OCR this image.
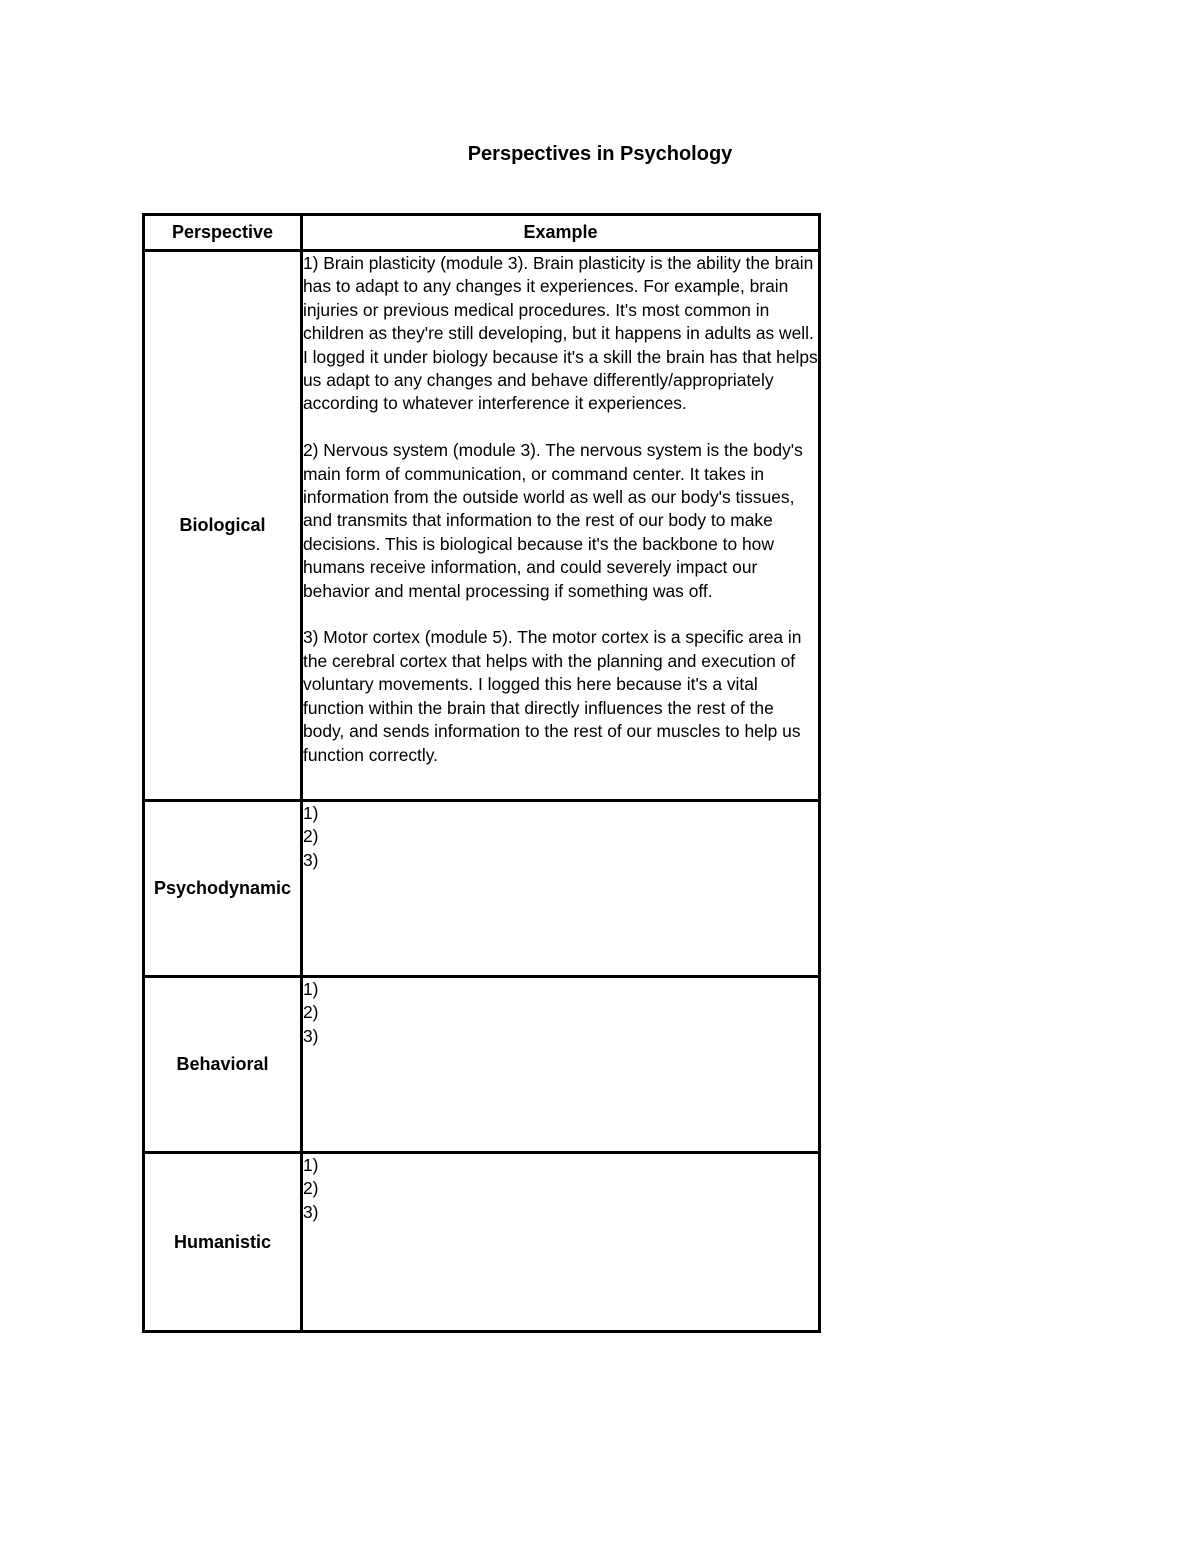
Perspectives in Psychology
Perspective	Example
Biological	1) Brain plasticity (module 3). Brain plasticity is the ability the brain has to adapt to any changes it experiences. For example, brain injuries or previous medical procedures. It's most common in children as they're still developing, but it happens in adults as well. I logged it under biology because it's a skill the brain has that helps us adapt to any changes and behave differently/appropriately according to whatever interference it experiences.

2) Nervous system (module 3). The nervous system is the body's main form of communication, or command center. It takes in information from the outside world as well as our body's tissues, and transmits that information to the rest of our body to make decisions. This is biological because it's the backbone to how humans receive information, and could severely impact our behavior and mental processing if something was off.

3) Motor cortex (module 5). The motor cortex is a specific area in the cerebral cortex that helps with the planning and execution of voluntary movements. I logged this here because it's a vital function within the brain that directly influences the rest of the body, and sends information to the rest of our muscles to help us function correctly.

Psychodynamic	1)
2)
3)

Behavioral	1)
2)
3)

Humanistic	1)
2)
3)
